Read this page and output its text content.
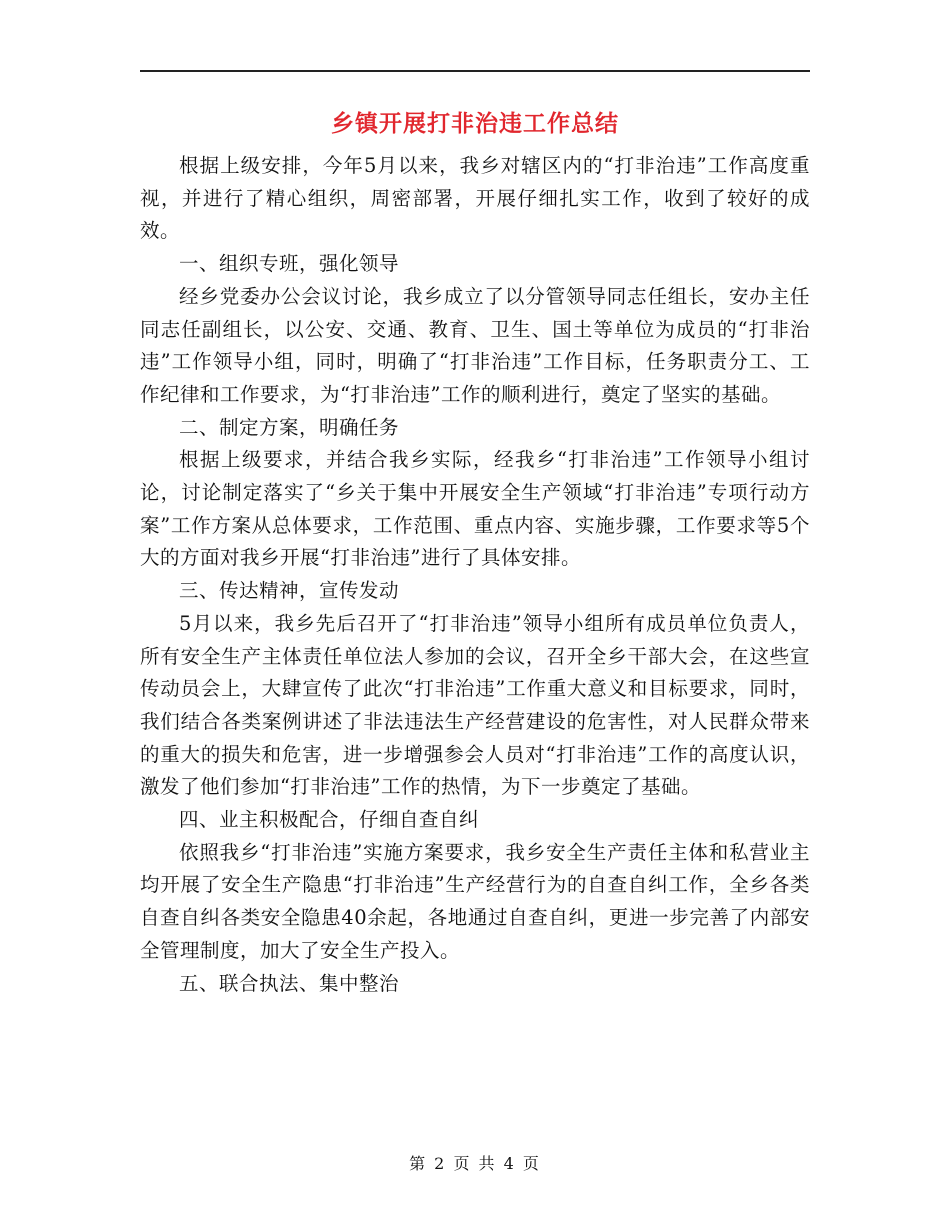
乡镇开展打非治违工作总结

根据上级安排，今年5月以来，我乡对辖区内的“打非治违”工作高度重视，并进行了精心组织，周密部署，开展仔细扎实工作，收到了较好的成效。

一、组织专班，强化领导

经乡党委办公会议讨论，我乡成立了以分管领导同志任组长，安办主任同志任副组长，以公安、交通、教育、卫生、国土等单位为成员的“打非治违”工作领导小组，同时，明确了“打非治违”工作目标，任务职责分工、工作纪律和工作要求，为“打非治违”工作的顺利进行，奠定了坚实的基础。

二、制定方案，明确任务

根据上级要求，并结合我乡实际，经我乡“打非治违”工作领导小组讨论，讨论制定落实了“乡关于集中开展安全生产领域“打非治违”专项行动方案”工作方案从总体要求，工作范围、重点内容、实施步骤，工作要求等5个大的方面对我乡开展“打非治违”进行了具体安排。

三、传达精神，宣传发动

5月以来，我乡先后召开了“打非治违”领导小组所有成员单位负责人，所有安全生产主体责任单位法人参加的会议，召开全乡干部大会，在这些宣传动员会上，大肆宣传了此次“打非治违”工作重大意义和目标要求，同时，我们结合各类案例讲述了非法违法生产经营建设的危害性，对人民群众带来的重大的损失和危害，进一步增强参会人员对“打非治违”工作的高度认识，激发了他们参加“打非治违”工作的热情，为下一步奠定了基础。

四、业主积极配合，仔细自查自纠

依照我乡“打非治违”实施方案要求，我乡安全生产责任主体和私营业主均开展了安全生产隐患“打非治违”生产经营行为的自查自纠工作，全乡各类自查自纠各类安全隐患40余起，各地通过自查自纠，更进一步完善了内部安全管理制度，加大了安全生产投入。

五、联合执法、集中整治

第 2 页 共 4 页
